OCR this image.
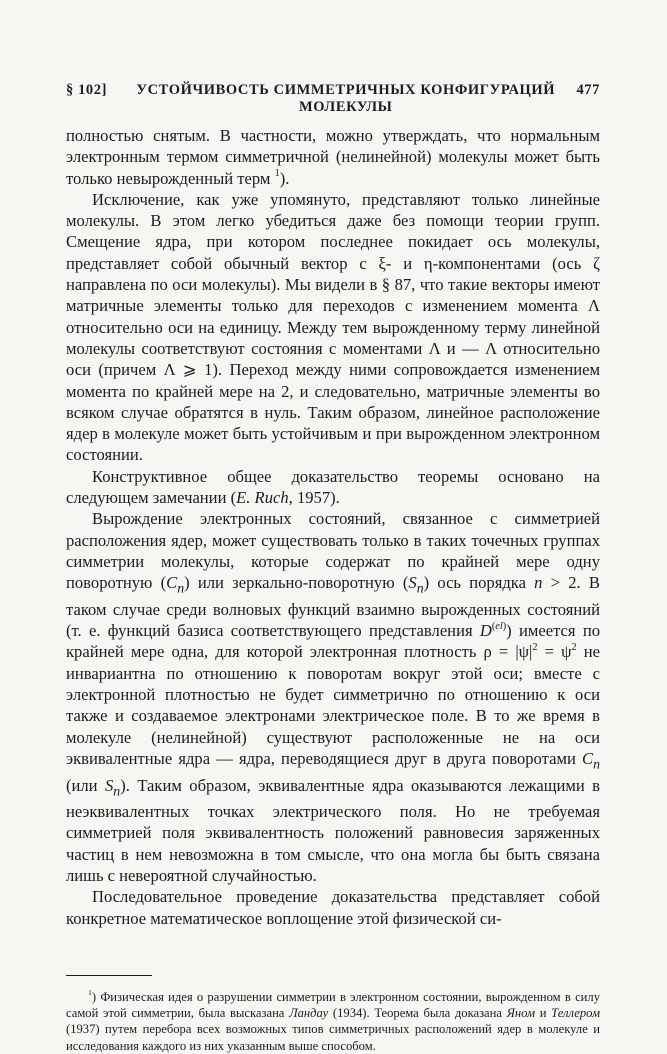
§ 102]	УСТОЙЧИВОСТЬ СИММЕТРИЧНЫХ КОНФИГУРАЦИЙ МОЛЕКУЛЫ
477

полностью снятым. В частности, можно утверждать, что нормальным электронным термом симметричной (нелинейной) молекулы может быть только невырожденный терм $^1$).

Исключение, как уже упомянуто, представляют только линейные молекулы. В этом легко убедиться даже без помощи теории групп. Смещение ядра, при котором последнее покидает ось молекулы, представляет собой обычный вектор с ξ- и η-компонентами (ось ζ направлена по оси молекулы). Мы видели в § 87, что такие векторы имеют матричные элементы только для переходов с изменением момента Λ относительно оси на единицу. Между тем вырожденному терму линейной молекулы соответствуют состояния с моментами Λ и — Λ относительно оси (причем Λ ⩾ 1). Переход между ними сопровождается изменением момента по крайней мере на 2, и следовательно, матричные элементы во всяком случае обратятся в нуль. Таким образом, линейное расположение ядер в молекуле может быть устойчивым и при вырожденном электронном состоянии.

Конструктивное общее доказательство теоремы основано на следующем замечании (E. Ruch, 1957).

Вырождение электронных состояний, связанное с симметрией расположения ядер, может существовать только в таких точечных группах симметрии молекулы, которые содержат по крайней мере одну поворотную $(C_n)$ или зеркально-поворотную $(S_n)$ ось порядка n > 2. В таком случае среди волновых функций взаимно вырожденных состояний (т. е. функций базиса соответствующего представления $D^{(el)}$) имеется по крайней мере одна, для которой электронная плотность $\rho = |\psi|^2 = \psi^2$ не инвариантна по отношению к поворотам вокруг этой оси; вместе с электронной плотностью не будет симметрично по отношению к оси также и создаваемое электронами электрическое поле. В то же время в молекуле (нелинейной) существуют расположенные не на оси эквивалентные ядра — ядра, переводящиеся друг в друга поворотами $C_n$ (или $S_n$). Таким образом, эквивалентные ядра оказываются лежащими в неэквивалентных точках электрического поля. Но не требуемая симметрией поля эквивалентность положений равновесия заряженных частиц в нем невозможна в том смысле, что она могла бы быть связана лишь с невероятной случайностью.

Последовательное проведение доказательства представляет собой конкретное математическое воплощение этой физической си-

$^1$) Физическая идея о разрушении симметрии в электронном состоянии, вырожденном в силу самой этой симметрии, была высказана Ландау (1934). Теорема была доказана Яном и Теллером (1937) путем перебора всех возможных типов симметричных расположений ядер в молекуле и исследования каждого из них указанным выше способом.
